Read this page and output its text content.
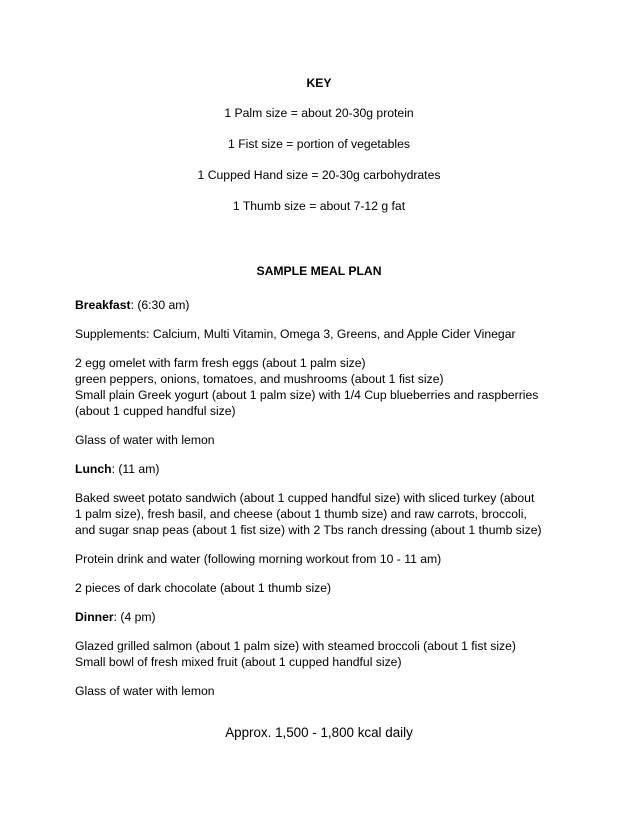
KEY
1 Palm size = about 20-30g protein
1 Fist size = portion of vegetables
1 Cupped Hand size = 20-30g carbohydrates
1 Thumb size = about 7-12 g fat
SAMPLE MEAL PLAN
Breakfast: (6:30 am)
Supplements: Calcium, Multi Vitamin, Omega 3, Greens, and Apple Cider Vinegar
2 egg omelet with farm fresh eggs (about 1 palm size)
green peppers, onions, tomatoes, and mushrooms (about 1 fist size)
Small plain Greek yogurt (about 1 palm size) with 1/4 Cup blueberries and raspberries
(about 1 cupped handful size)
Glass of water with lemon
Lunch: (11 am)
Baked sweet potato sandwich (about 1 cupped handful size) with sliced turkey (about
1 palm size), fresh basil, and cheese (about 1 thumb size) and raw carrots, broccoli,
and sugar snap peas (about 1 fist size) with 2 Tbs ranch dressing (about 1 thumb size)
Protein drink and water (following morning workout from 10 - 11 am)
2 pieces of dark chocolate (about 1 thumb size)
Dinner: (4 pm)
Glazed grilled salmon (about 1 palm size) with steamed broccoli (about 1 fist size)
Small bowl of fresh mixed fruit (about 1 cupped handful size)
Glass of water with lemon
Approx. 1,500 - 1,800 kcal daily
